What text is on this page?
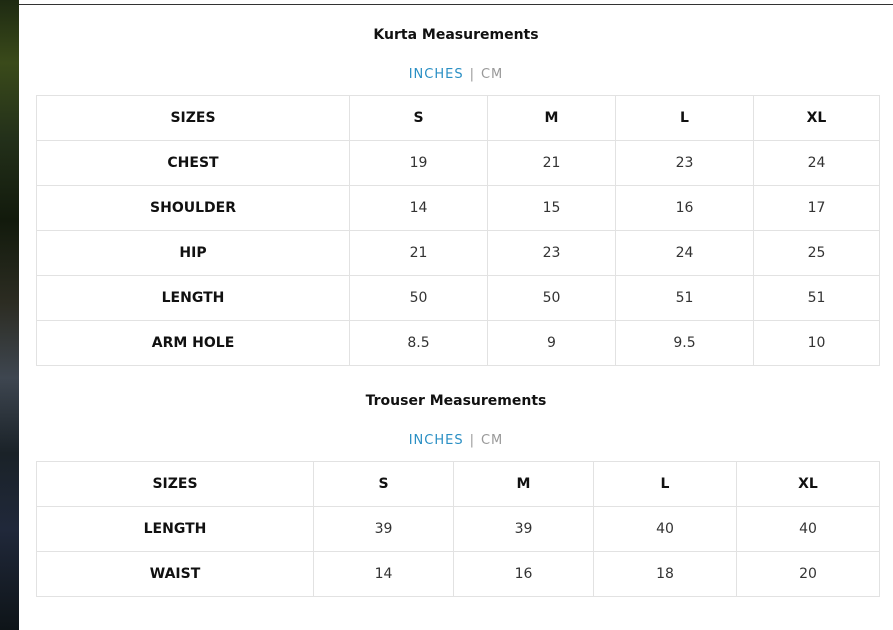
Kurta Measurements
INCHES | CM
SIZES	S	M	L	XL
CHEST	19	21	23	24
SHOULDER	14	15	16	17
HIP	21	23	24	25
LENGTH	50	50	51	51
ARM HOLE	8.5	9	9.5	10
Trouser Measurements
INCHES | CM
SIZES	S	M	L	XL
LENGTH	39	39	40	40
WAIST	14	16	18	20
